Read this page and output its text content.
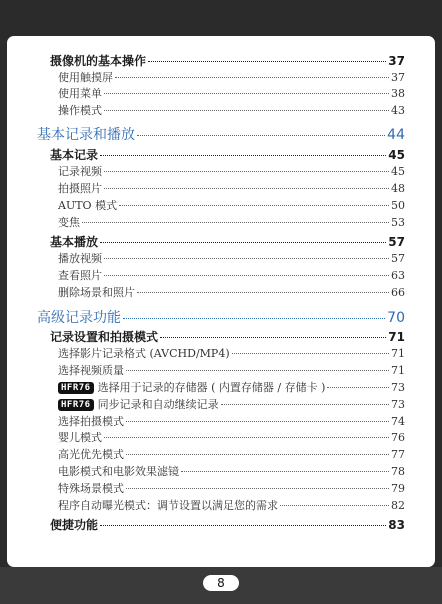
摄像机的基本操作	37
使用触摸屏	37
使用菜单	38
操作模式	43
基本记录和播放	44
基本记录	45
记录视频	45
拍摄照片	48
AUTO 模式	50
变焦	53
基本播放	57
播放视频	57
查看照片	63
删除场景和照片	66
高级记录功能	70
记录设置和拍摄模式	71
选择影片记录格式 (AVCHD/MP4)	71
选择视频质量	71
HFR76 选择用于记录的存储器 ( 内置存储器 / 存储卡 )	73
HFR76 同步记录和自动继续记录	73
选择拍摄模式	74
婴儿模式	76
高光优先模式	77
电影模式和电影效果滤镜	78
特殊场景模式	79
程序自动曝光模式：调节设置以满足您的需求	82
便捷功能	83
8
